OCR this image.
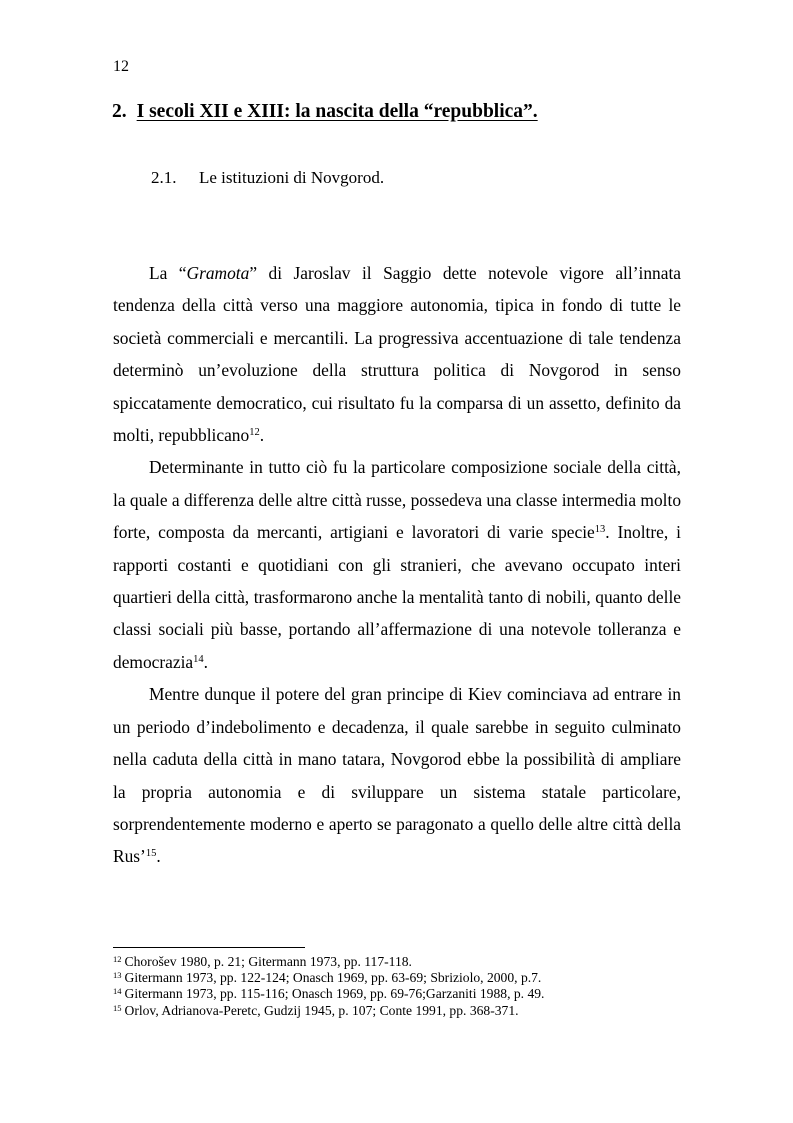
12
2. I secoli XII e XIII: la nascita della “repubblica”.
2.1. Le istituzioni di Novgorod.

La “Gramota” di Jaroslav il Saggio dette notevole vigore all’innata tendenza della città verso una maggiore autonomia, tipica in fondo di tutte le società commerciali e mercantili. La progressiva accentuazione di tale tendenza determinò un’evoluzione della struttura politica di Novgorod in senso spiccatamente democratico, cui risultato fu la comparsa di un assetto, definito da molti, repubblicano$^{12}$.

Determinante in tutto ciò fu la particolare composizione sociale della città, la quale a differenza delle altre città russe, possedeva una classe intermedia molto forte, composta da mercanti, artigiani e lavoratori di varie specie$^{13}$. Inoltre, i rapporti costanti e quotidiani con gli stranieri, che avevano occupato interi quartieri della città, trasformarono anche la mentalità tanto di nobili, quanto delle classi sociali più basse, portando all’affermazione di una notevole tolleranza e democrazia$^{14}$.

Mentre dunque il potere del gran principe di Kiev cominciava ad entrare in un periodo d’indebolimento e decadenza, il quale sarebbe in seguito culminato nella caduta della città in mano tatara, Novgorod ebbe la possibilità di ampliare la propria autonomia e di sviluppare un sistema statale particolare, sorprendentemente moderno e aperto se paragonato a quello delle altre città della Rus’$^{15}$.

$^{12}$ Chorošev 1980, p. 21; Gitermann 1973, pp. 117-118.
$^{13}$ Gitermann 1973, pp. 122-124; Onasch 1969, pp. 63-69; Sbriziolo, 2000, p.7.
$^{14}$ Gitermann 1973, pp. 115-116; Onasch 1969, pp. 69-76;Garzaniti 1988, p. 49.
$^{15}$ Orlov, Adrianova-Peretc, Gudzij 1945, p. 107; Conte 1991, pp. 368-371.
